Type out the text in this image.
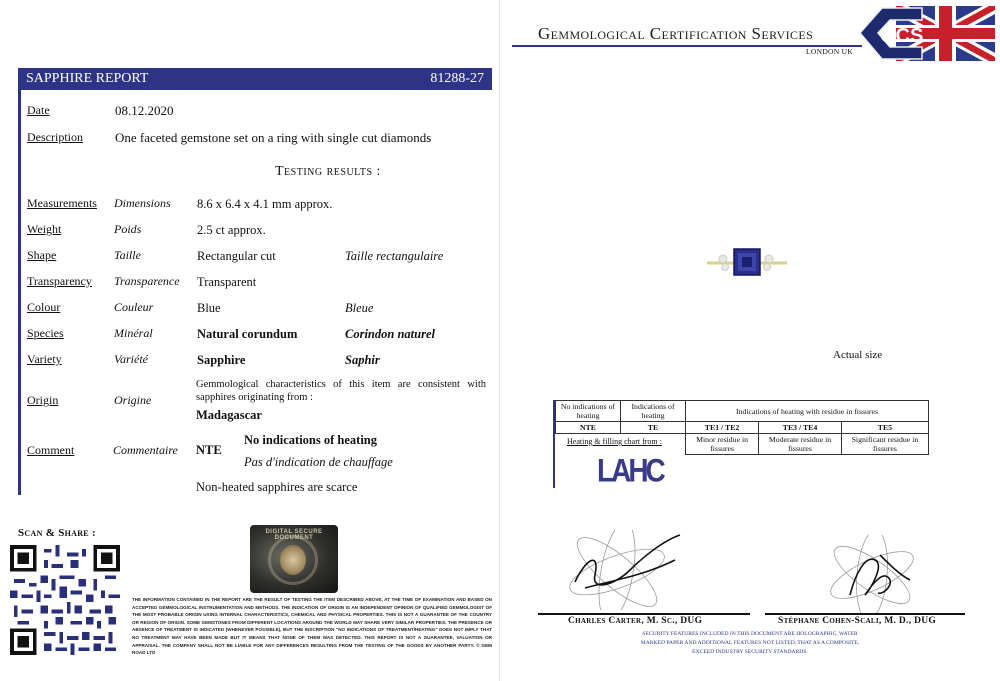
SAPPHIRE REPORT	81288-27
Date	08.12.2020
Description One faceted gemstone set on a ring with single cut diamonds
Testing results :
Measurements Dimensions 8.6 x 6.4 x 4.1 mm approx.
Weight	Poids	2.5 ct approx.
Shape	Taille	Rectangular cut	Taille rectangulaire
Transparency Transparence Transparent
Colour	Couleur	Blue	Bleue
Species	Minéral	Natural corundum	Corindon naturel
Variety	Variété	Sapphire	Saphir
Origin	Origine
Gemmological characteristics of this item are consistent with sapphires originating from :
Madagascar
Comment	Commentaire NTE
No indications of heating
Pas d'indication de chauffage
Non-heated sapphires are scarce
Scan & Share :	DIGITAL SECURE DOCUMENT
THE INFORMATION CONTAINED IN THE REPORT ARE THE RESULT OF TESTING THE ITEM DESCRIBED ABOVE, AT THE TIME OF EXAMINATION AND BASED ON ACCEPTED GEMMOLOGICAL INSTRUMENTATION AND METHODS. THE INDICATION OF ORIGIN IS AN INDEPENDENT OPINION OF QUALIFIED GEMMOLOGIST OF THE MOST PROBABLE ORIGIN USING INTERNAL CHARACTERISTICS, CHEMICAL AND PHYSICAL PROPERTIES. THIS IS NOT A GUARANTEE OF THE COUNTRY OR REGION OF ORIGIN. SOME GEMSTONES FROM DIFFERENT LOCATIONS AROUND THE WORLD MAY SHARE VERY SIMILAR PROPERTIES. THE PRESENCE OR ABSENCE OF TREATMENT IS INDICATED (WHENEVER POSSIBLE), BUT THE INSCRIPTION "NO INDICATIONS OF TREATMENT/HEATING" DOES NOT IMPLY THAT NO TREATMENT MAY HAVE BEEN MADE BUT IT MEANS THAT NONE OF THEM WAS DETECTED. THIS REPORT IS NOT A GUARANTEE, VALUATION OR APPRAISAL. THE COMPANY SHALL NOT BE LIABLE FOR ANY DIFFERENCES RESULTING FROM THE TESTING OF THE GOODS BY ANOTHER PARTY. © GEM ROAD LTD
Gemmological Certification Services
LONDON UK
GCS
Actual size
No indications of heating	Indications of heating	Indications of heating with residue in fissures		
NTE	TE	TE1 / TE2	TE3 / TE4	TE5
		Minor residue in fissures	Moderate residue in fissures	Significant residue in fissures
Heating & filling chart from :
LAHC
Charles Carter, M. Sc., DUG	Stéphane Cohen-Scali, M. D., DUG
SECURITY FEATURES INCLUDED IN THIS DOCUMENT ARE HOLOGRAPHIC, WATER MARKED PAPER AND ADDITIONAL FEATURES NOT LISTED, THAT AS A COMPOSITE, EXCEED INDUSTRY SECURITY STANDARDS.
